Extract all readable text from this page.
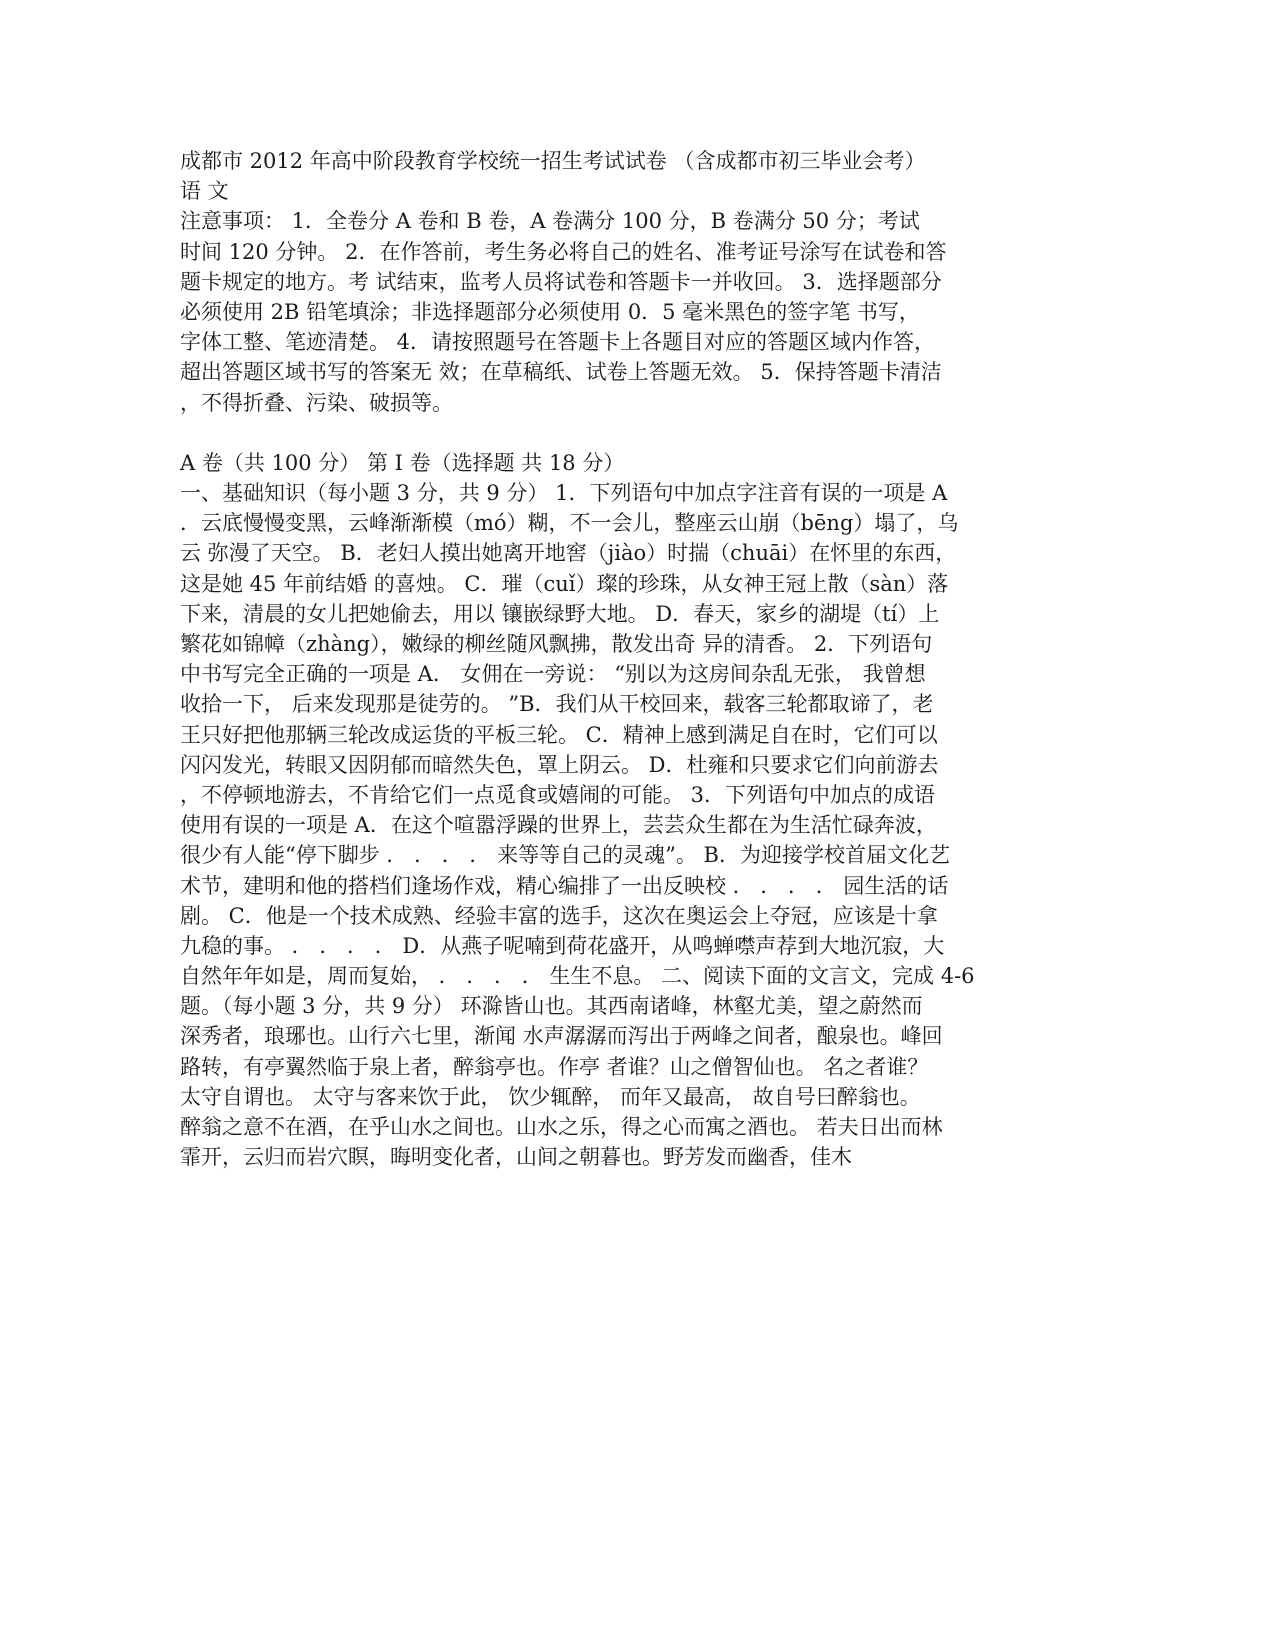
成都市 2012 年高中阶段教育学校统一招生考试试卷 （含成都市初三毕业会考）
语 文
注意事项： 1．全卷分 A 卷和 B 卷，A 卷满分 100 分，B 卷满分 50 分；考试
时间 120 分钟。 2．在作答前，考生务必将自己的姓名、准考证号涂写在试卷和答
题卡规定的地方。考 试结束，监考人员将试卷和答题卡一并收回。 3．选择题部分
必须使用 2B 铅笔填涂；非选择题部分必须使用 0．5 毫米黑色的签字笔 书写，
字体工整、笔迹清楚。 4．请按照题号在答题卡上各题目对应的答题区域内作答，
超出答题区域书写的答案无 效；在草稿纸、试卷上答题无效。 5．保持答题卡清洁
，不得折叠、污染、破损等。
A 卷（共 100 分） 第 I 卷（选择题 共 18 分）
一、基础知识（每小题 3 分，共 9 分） 1．下列语句中加点字注音有误的一项是 A
．云底慢慢变黑，云峰渐渐模（mó）糊，不一会儿，整座云山崩（bēng）塌了，乌
云 弥漫了天空。 B．老妇人摸出她离开地窖（jiào）时揣（chuāi）在怀里的东西，
这是她 45 年前结婚 的喜烛。 C．璀（cuǐ）璨的珍珠，从女神王冠上散（sàn）落
下来，清晨的女儿把她偷去，用以 镶嵌绿野大地。 D．春天，家乡的湖堤（tí）上
繁花如锦幛（zhàng），嫩绿的柳丝随风飘拂，散发出奇 异的清香。 2．下列语句
中书写完全正确的一项是 A． 女佣在一旁说： “别以为这房间杂乱无张， 我曾想
收拾一下， 后来发现那是徒劳的。 ”B．我们从干校回来，载客三轮都取谛了，老
王只好把他那辆三轮改成运货的平板三轮。 C．精神上感到满足自在时，它们可以
闪闪发光，转眼又因阴郁而暗然失色，罩上阴云。 D．杜雍和只要求它们向前游去
，不停顿地游去，不肯给它们一点觅食或嬉闹的可能。 3．下列语句中加点的成语
使用有误的一项是 A．在这个喧嚣浮躁的世界上，芸芸众生都在为生活忙碌奔波，
很少有人能“停下脚步 ． ． ． ． 来等等自己的灵魂”。 B．为迎接学校首届文化艺
术节，建明和他的搭档们逢场作戏，精心编排了一出反映校 ． ． ． ． 园生活的话
剧。 C．他是一个技术成熟、经验丰富的选手，这次在奥运会上夺冠，应该是十拿
九稳的事。 ． ． ． ． D．从燕子呢喃到荷花盛开，从鸣蝉噤声荐到大地沉寂，大
自然年年如是，周而复始， ． ． ． ． 生生不息。 二、阅读下面的文言文，完成 4-6
题。（每小题 3 分，共 9 分） 环滁皆山也。其西南诸峰，林壑尤美，望之蔚然而
深秀者，琅琊也。山行六七里，渐闻 水声潺潺而泻出于两峰之间者，酿泉也。峰回
路转，有亭翼然临于泉上者，醉翁亭也。作亭 者谁？山之僧智仙也。 名之者谁？
太守自谓也。 太守与客来饮于此， 饮少辄醉， 而年又最高， 故自号曰醉翁也。
醉翁之意不在酒，在乎山水之间也。山水之乐，得之心而寓之酒也。 若夫日出而林
霏开，云归而岩穴瞑，晦明变化者，山间之朝暮也。野芳发而幽香，佳木
